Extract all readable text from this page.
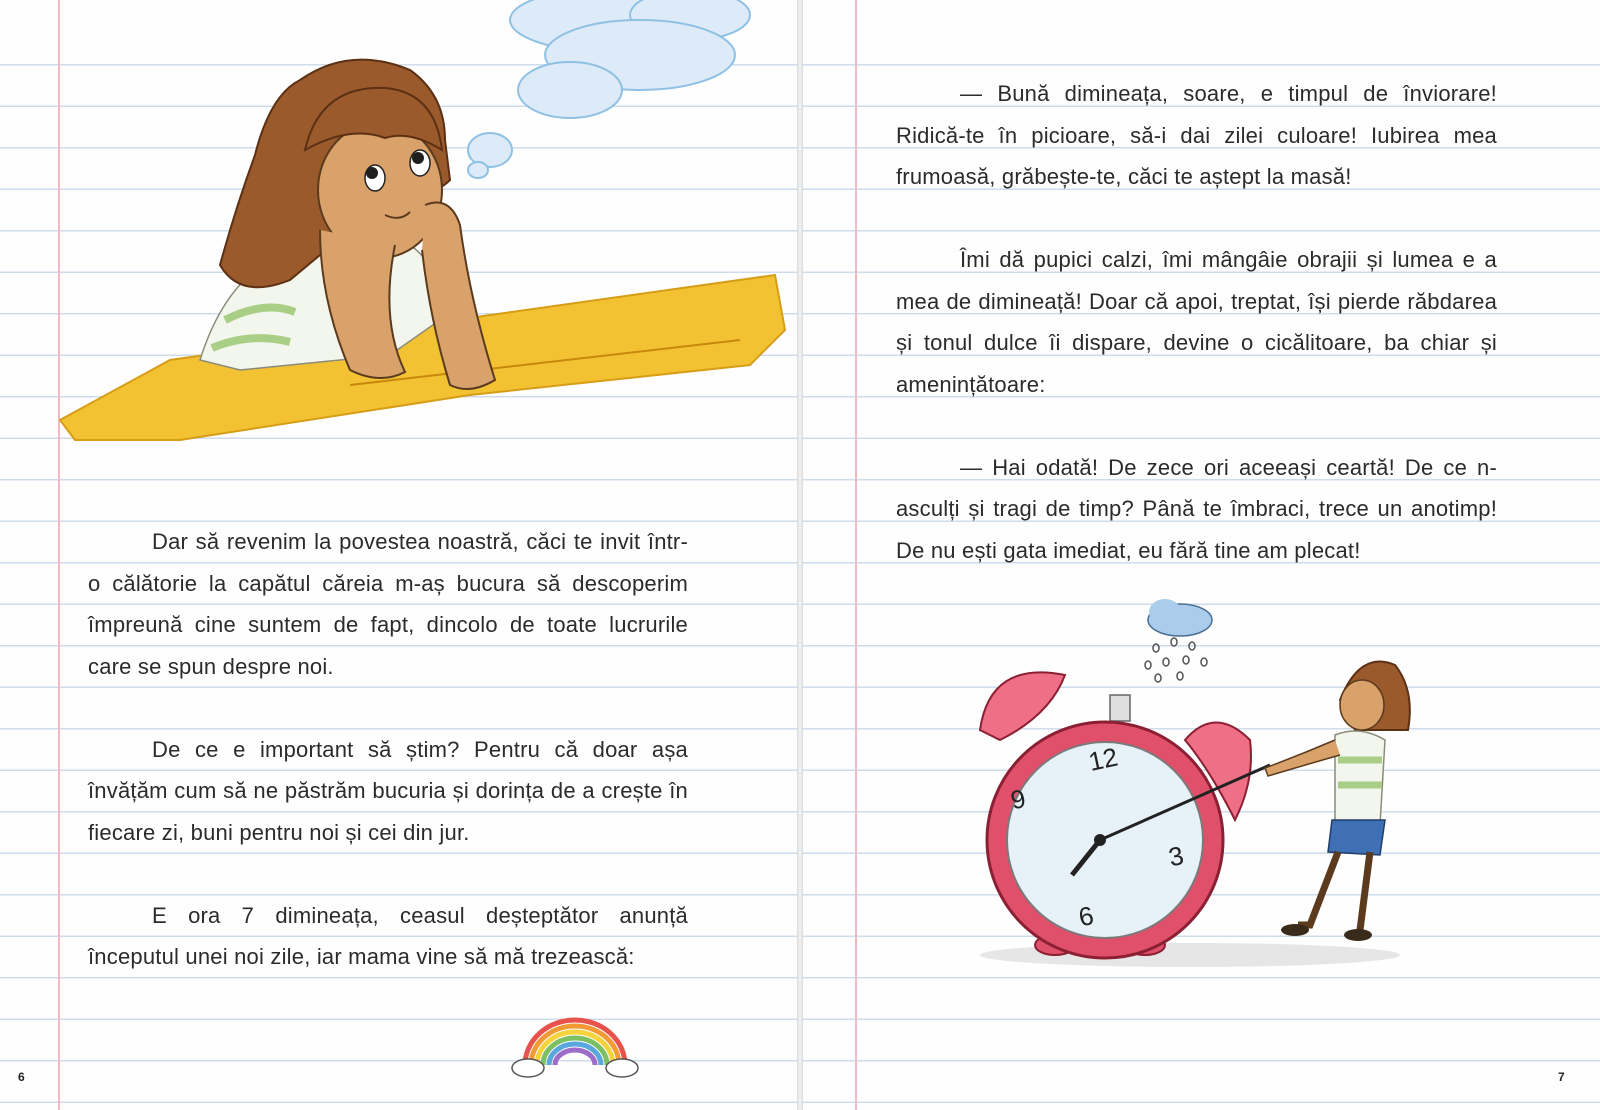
Dar să revenim la povestea noastră, căci te invit într-o călătorie la capătul căreia m-aș bucura să descoperim împreună cine suntem de fapt, dincolo de toate lucrurile care se spun despre noi.

De ce e important să știm? Pentru că doar așa învățăm cum să ne păstrăm bucuria și dorința de a crește în fiecare zi, buni pentru noi și cei din jur.

E ora 7 dimineața, ceasul deșteptător anunță începutul unei noi zile, iar mama vine să mă trezească:

— Bună dimineața, soare, e timpul de înviorare! Ridică-te în picioare, să-i dai zilei culoare! Iubirea mea frumoasă, grăbește-te, căci te aștept la masă!

Îmi dă pupici calzi, îmi mângâie obrajii și lumea e a mea de dimineață! Doar că apoi, treptat, își pierde răbdarea și tonul dulce îi dispare, devine o cicălitoare, ba chiar și amenințătoare:

— Hai odată! De zece ori aceeași ceartă! De ce n-asculți și tragi de timp? Până te îmbraci, trece un anotimp! De nu ești gata imediat, eu fără tine am plecat!

12
3
6
9
6	7
